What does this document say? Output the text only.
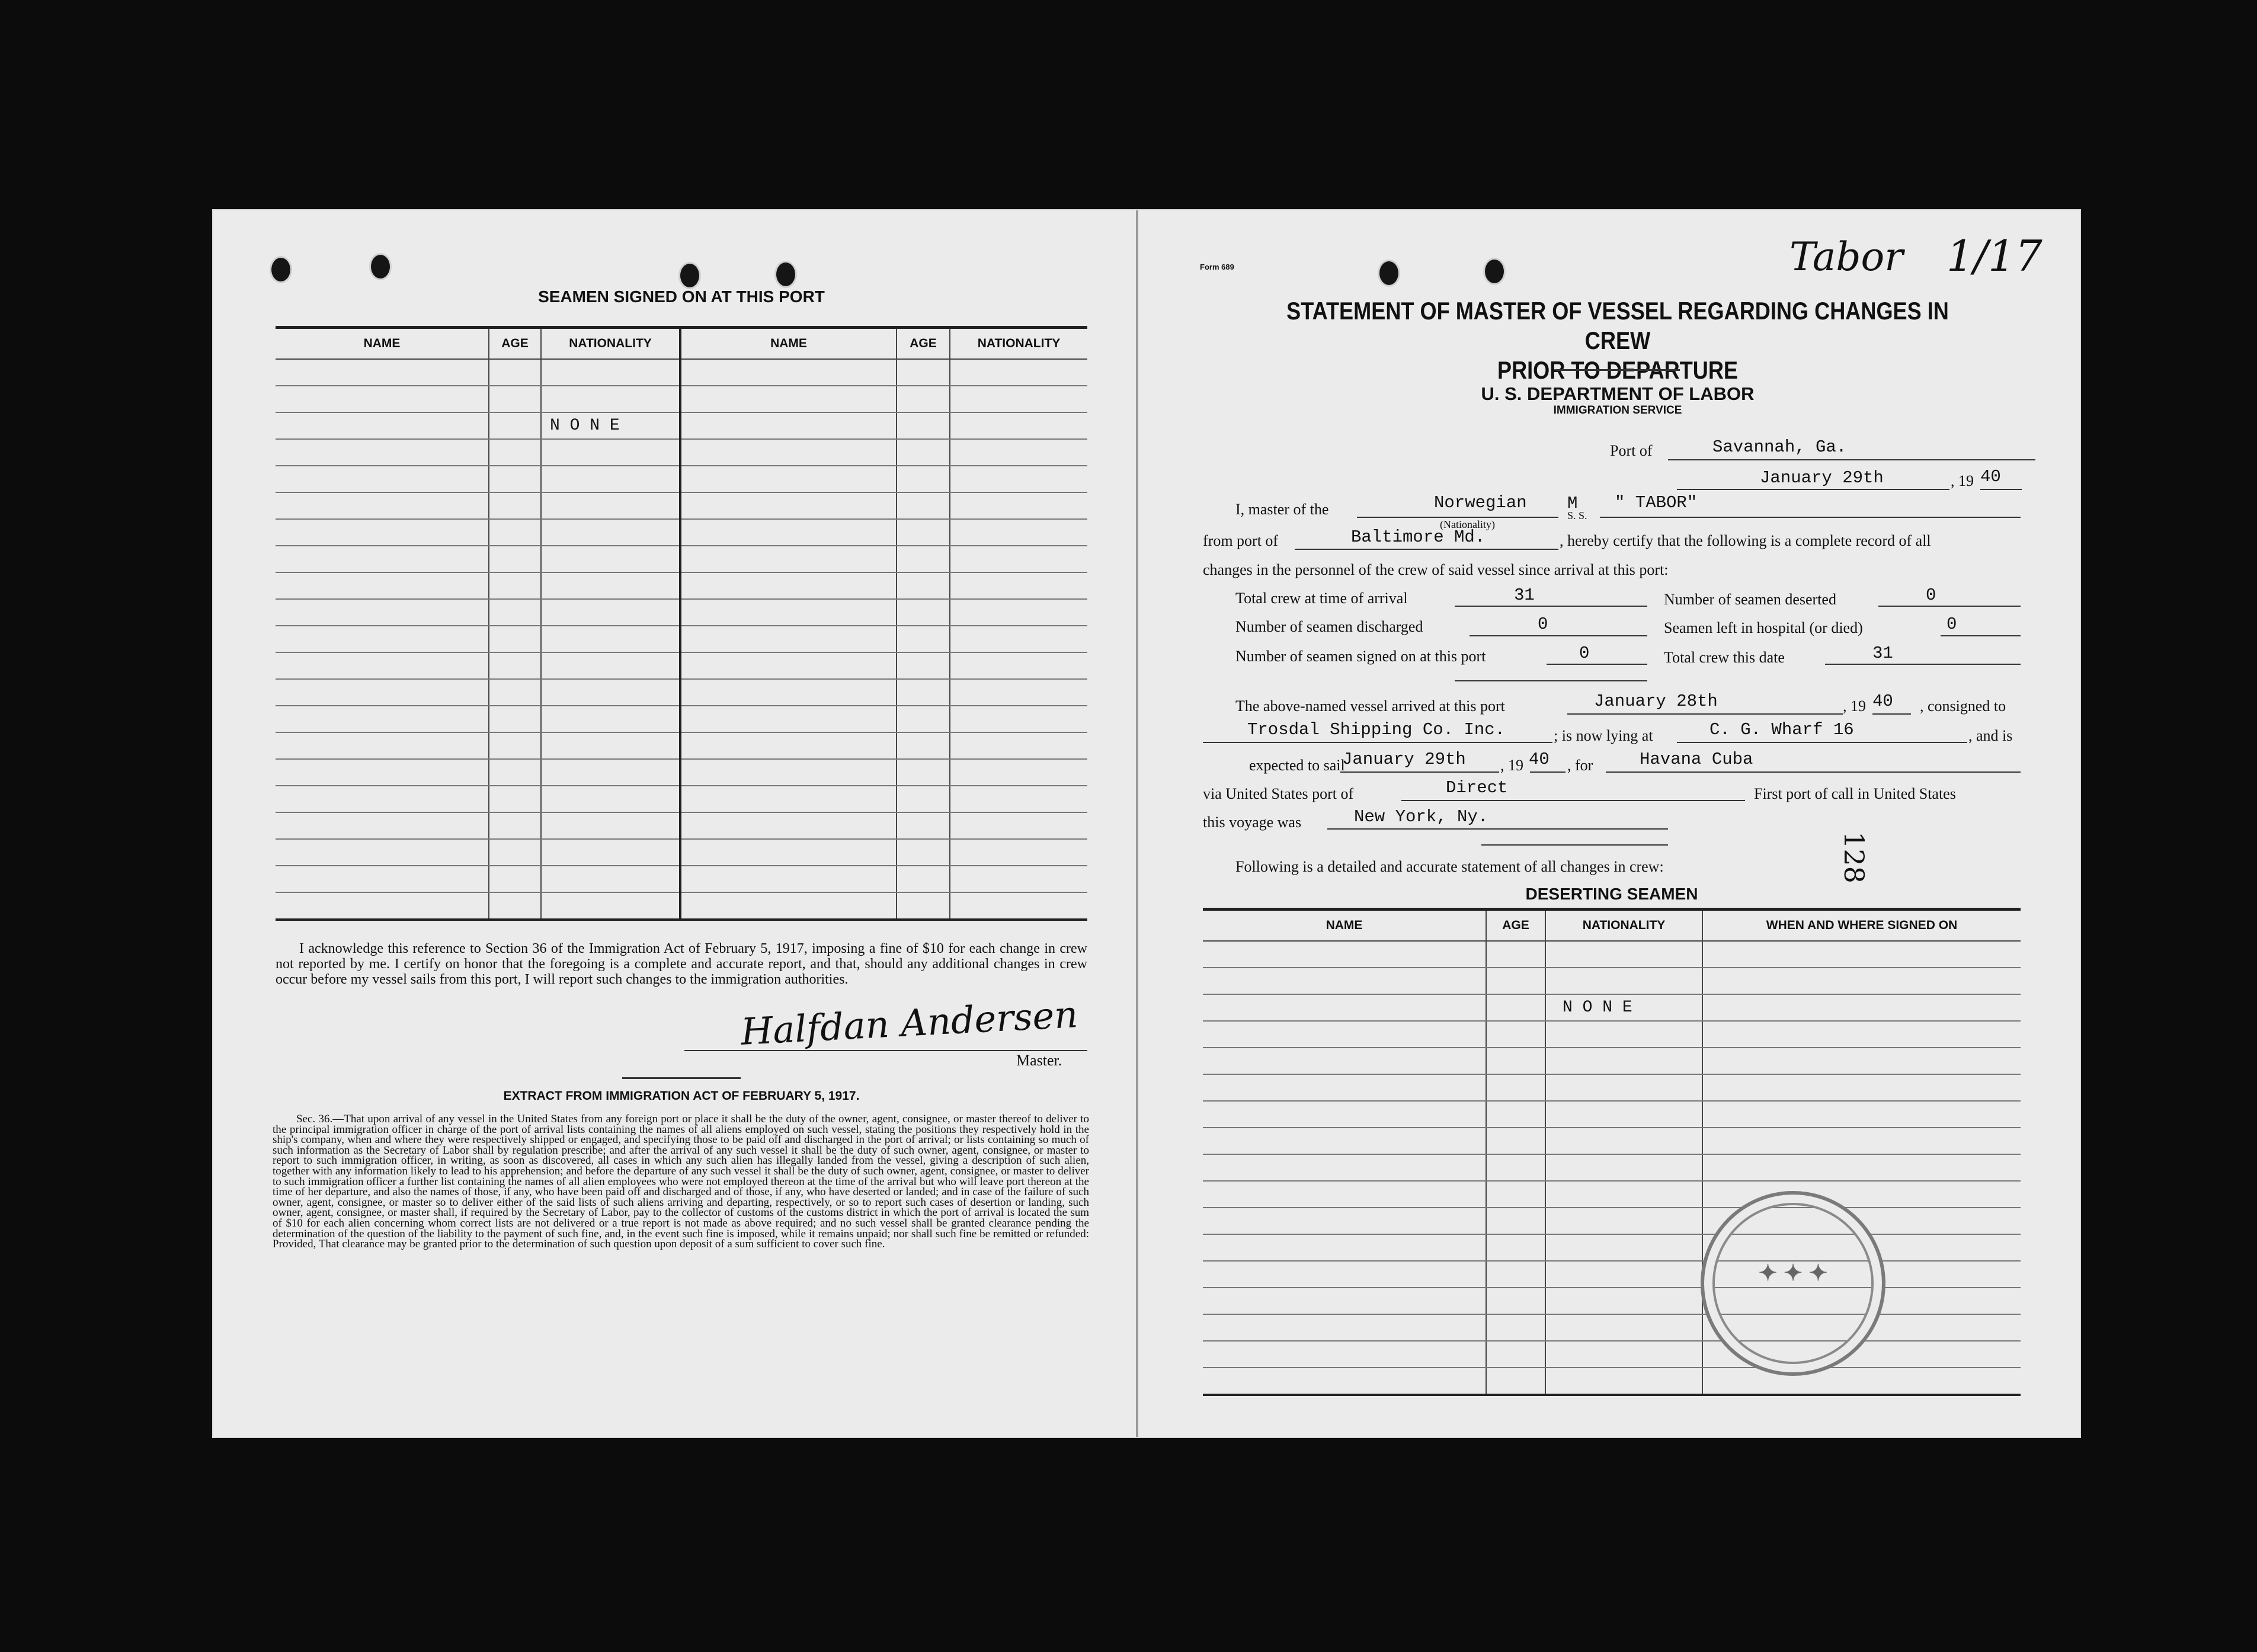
SEAMEN SIGNED ON AT THIS PORT
NAME	AGE	NATIONALITY	NAME	AGE	NATIONALITY

		N O N E			

I acknowledge this reference to Section 36 of the Immigration Act of February 5, 1917, imposing a fine of $10 for each change in crew not reported by me. I certify on honor that the foregoing is a complete and accurate report, and that, should any additional changes in crew occur before my vessel sails from this port, I will report such changes to the immigration authorities.
Halfdan Andersen
Master.
EXTRACT FROM IMMIGRATION ACT OF FEBRUARY 5, 1917.
Sec. 36.—That upon arrival of any vessel in the United States from any foreign port or place it shall be the duty of the owner, agent, consignee, or master thereof to deliver to the principal immigration officer in charge of the port of arrival lists containing the names of all aliens employed on such vessel, stating the positions they respectively hold in the ship's company, when and where they were respectively shipped or engaged, and specifying those to be paid off and discharged in the port of arrival; or lists containing so much of such information as the Secretary of Labor shall by regulation prescribe; and after the arrival of any such vessel it shall be the duty of such owner, agent, consignee, or master to report to such immigration officer, in writing, as soon as discovered, all cases in which any such alien has illegally landed from the vessel, giving a description of such alien, together with any information likely to lead to his apprehension; and before the departure of any such vessel it shall be the duty of such owner, agent, consignee, or master to deliver to such immigration officer a further list containing the names of all alien employees who were not employed thereon at the time of the arrival but who will leave port thereon at the time of her departure, and also the names of those, if any, who have been paid off and discharged and of those, if any, who have deserted or landed; and in case of the failure of such owner, agent, consignee, or master so to deliver either of the said lists of such aliens arriving and departing, respectively, or so to report such cases of desertion or landing, such owner, agent, consignee, or master shall, if required by the Secretary of Labor, pay to the collector of customs of the customs district in which the port of arrival is located the sum of $10 for each alien concerning whom correct lists are not delivered or a true report is not made as above required; and no such vessel shall be granted clearance pending the determination of the question of the liability to the payment of such fine, and, in the event such fine is imposed, while it remains unpaid; nor shall such fine be remitted or refunded: Provided, That clearance may be granted prior to the determination of such question upon deposit of a sum sufficient to cover such fine.
Form 689	Tabor 1/17
STATEMENT OF MASTER OF VESSEL REGARDING CHANGES IN CREW
PRIOR TO DEPARTURE
U. S. DEPARTMENT OF LABOR
IMMIGRATION SERVICE
Port of	Savannah, Ga.
January 29th	, 19 40
I, master of the	Norwegian
(Nationality)
M
S. S.
" TABOR"
from port of	Baltimore Md.	, hereby certify that the following is a complete record of all
changes in the personnel of the crew of said vessel since arrival at this port:
Total crew at time of arrival	31	Number of seamen deserted	0
Number of seamen discharged	0	Seamen left in hospital (or died)	0
Number of seamen signed on at this port	0	Total crew this date	31
The above-named vessel arrived at this port	January 28th	, 19 40 , consigned to
Trosdal Shipping Co. Inc.	; is now lying at	C. G. Wharf 16	, and is
expected to sail
January 29th , 19 40 , for	Havana Cuba
via United States port of	Direct	First port of call in United States
this voyage was	New York, Ny.
Following is a detailed and accurate statement of all changes in crew:	128
DESERTING SEAMEN
NAME	AGE	NATIONALITY	WHEN AND WHERE SIGNED ON

		N O N E	

✦ ✦ ✦
